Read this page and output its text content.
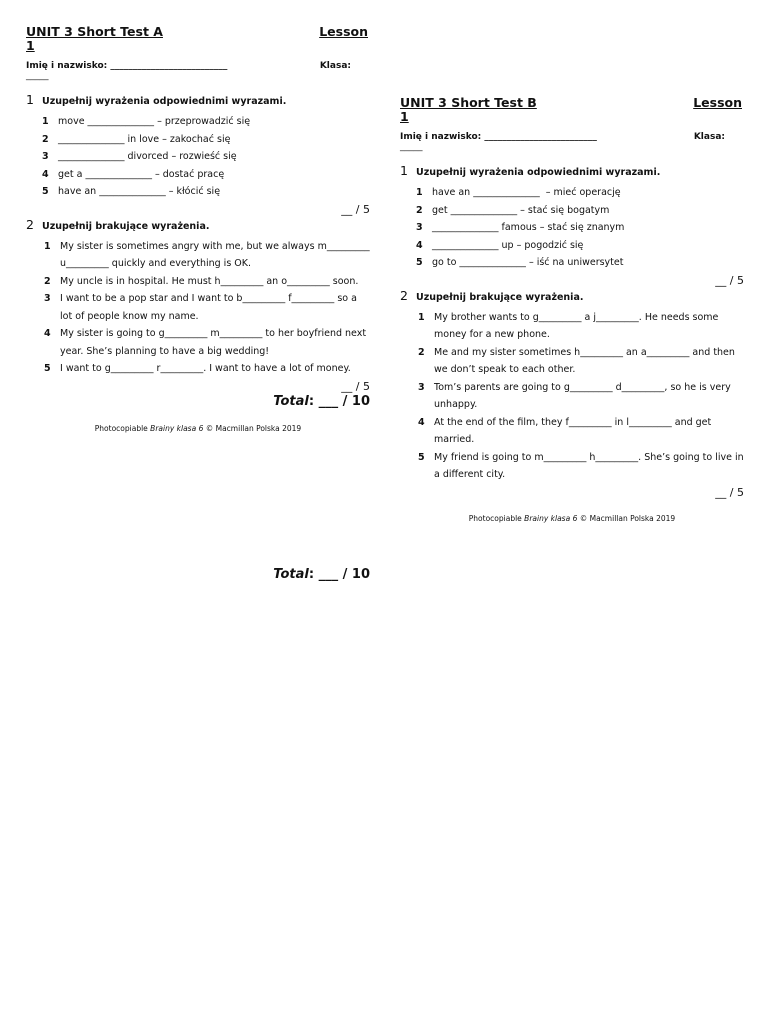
UNIT 3 Short Test A
1
Lesson
Imię i nazwisko: __________________________	Klasa:
_____
1 Uzupełnij wyrażenia odpowiednimi wyrazami.
1 move ______________ – przeprowadzić się
2 ______________ in love – zakochać się
3 ______________ divorced – rozwieść się
4 get a ______________ – dostać pracę
5 have an ______________ – kłócić się
__ / 5
2 Uzupełnij brakujące wyrażenia.
1 My sister is sometimes angry with me, but we always m_________ u_________ quickly and everything is OK.
2 My uncle is in hospital. He must h_________ an o_________ soon.
3 I want to be a pop star and I want to b_________ f_________ so a lot of people know my name.
4 My sister is going to g_________ m_________ to her boyfriend next year. She’s planning to have a big wedding!
5 I want to g_________ r_________. I want to have a lot of money.
__ / 5
Total: ___ / 10
Photocopiable Brainy klasa 6 © Macmillan Polska 2019
UNIT 3 Short Test B
1
Lesson
Imię i nazwisko: _________________________	Klasa:
_____
1 Uzupełnij wyrażenia odpowiednimi wyrazami.
1 have an ______________  – mieć operację
2 get ______________ – stać się bogatym
3 ______________ famous – stać się znanym
4 ______________ up – pogodzić się
5 go to ______________ – iść na uniwersytet
__ / 5
2 Uzupełnij brakujące wyrażenia.
1 My brother wants to g_________ a j_________. He needs some money for a new phone.
2 Me and my sister sometimes h_________ an a_________ and then we don’t speak to each other.
3 Tom’s parents are going to g_________ d_________, so he is very unhappy.
4 At the end of the film, they f_________ in l_________ and get married.
5 My friend is going to m_________ h_________. She’s going to live in a different city.
__ / 5
Photocopiable Brainy klasa 6 © Macmillan Polska 2019
Total: ___ / 10
